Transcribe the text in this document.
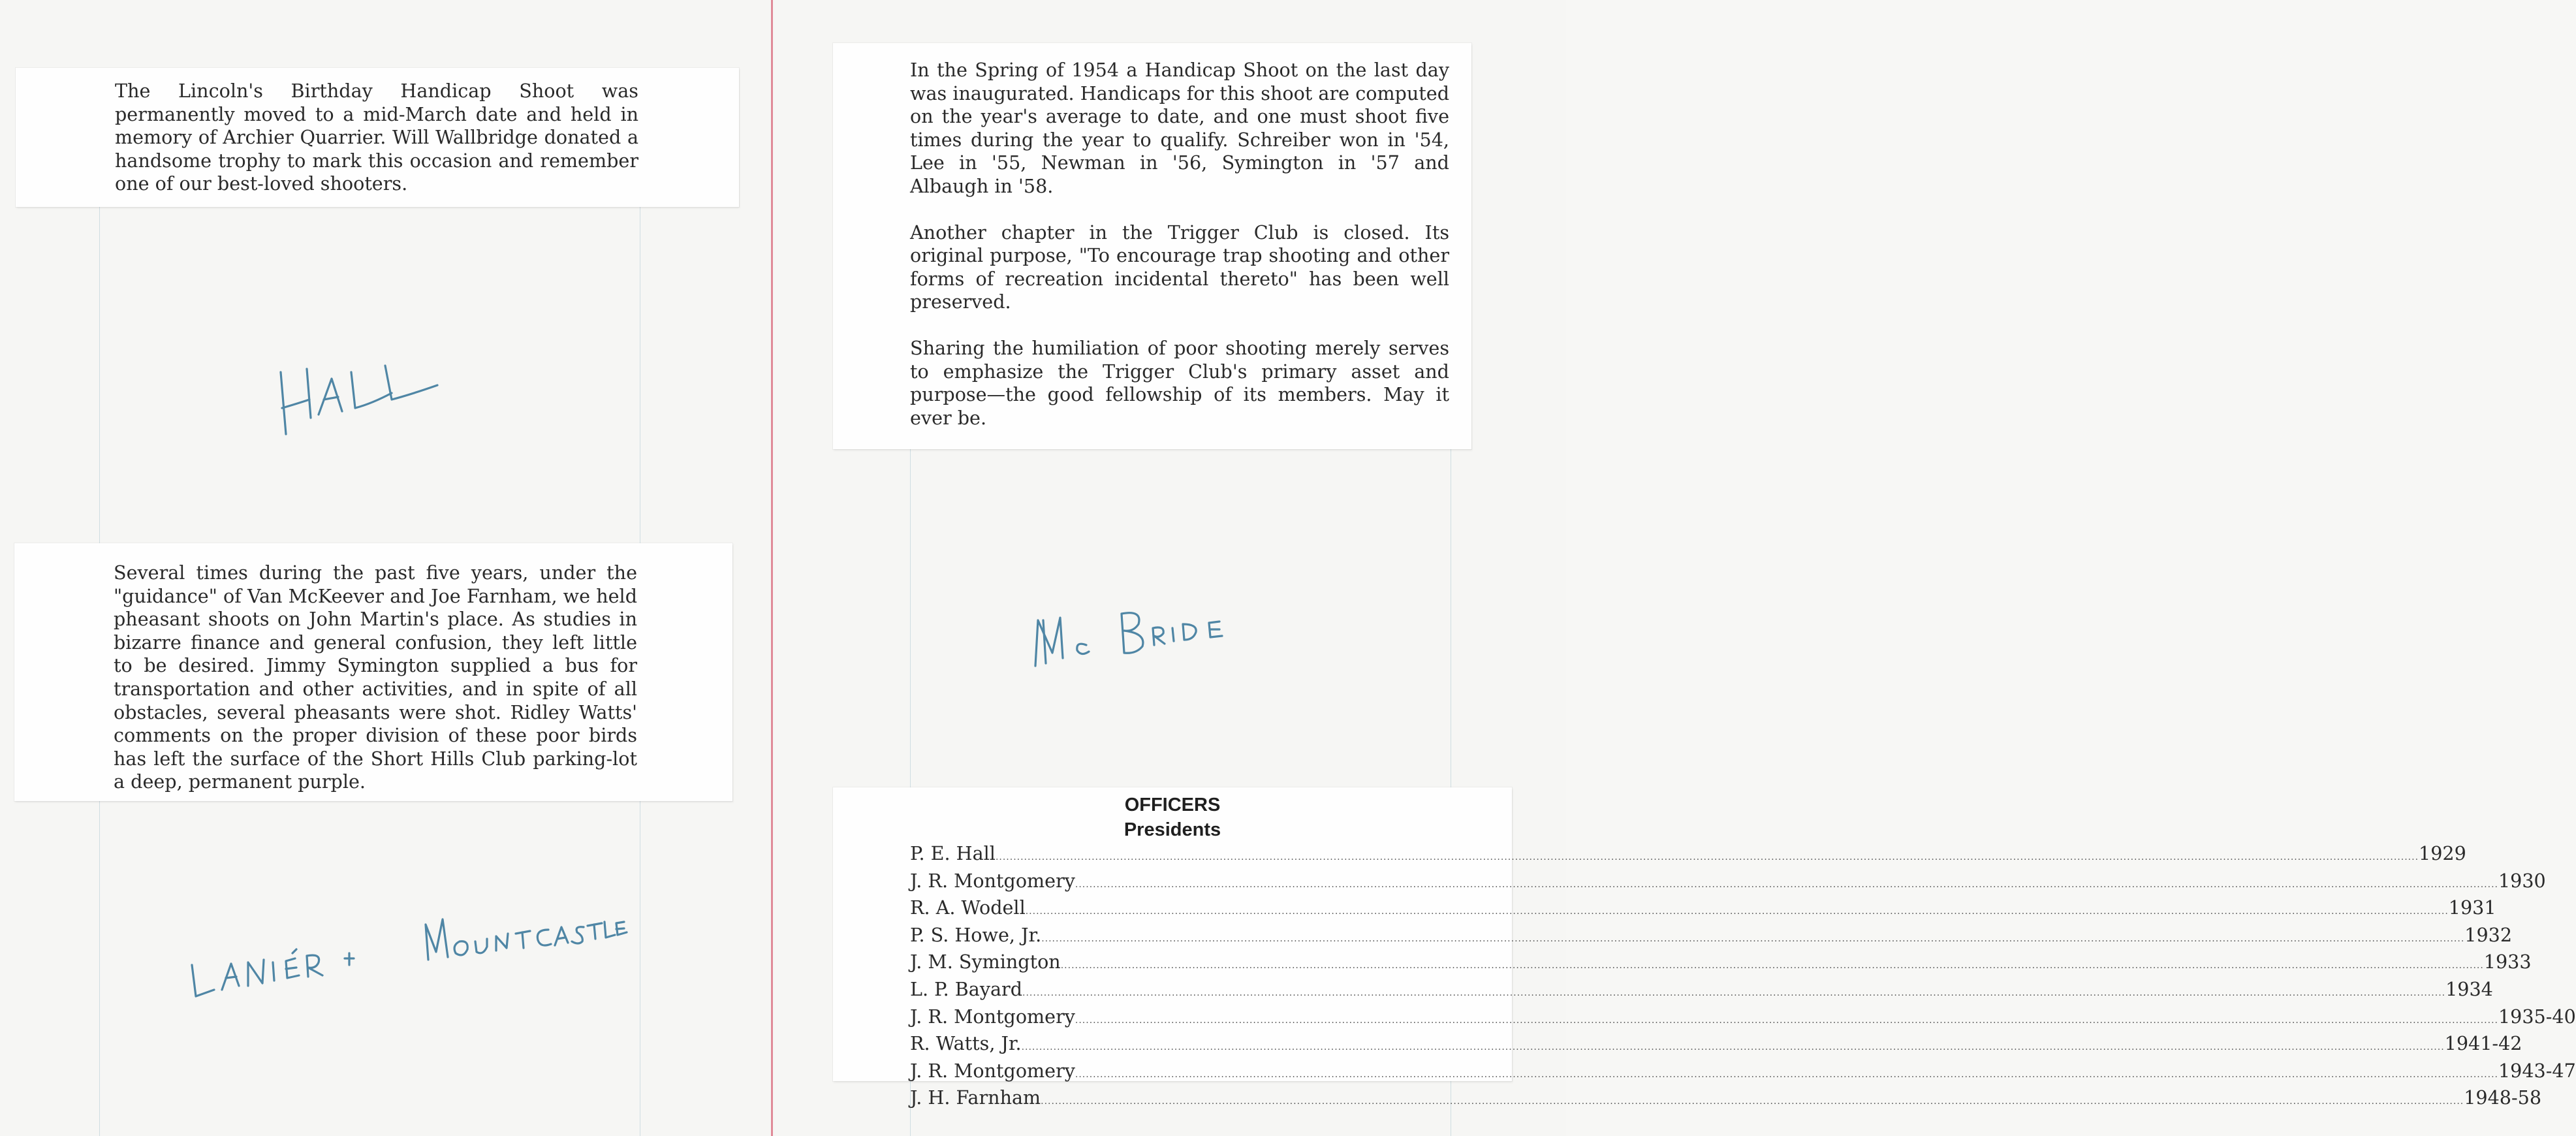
The Lincoln's Birthday Handicap Shoot was permanently moved to a mid-March date and held in memory of Archier Quarrier. Will Wallbridge donated a handsome trophy to mark this occasion and remember one of our best-loved shooters.

Several times during the past five years, under the "guidance" of Van McKeever and Joe Farnham, we held pheasant shoots on John Martin's place. As studies in bizarre finance and general confusion, they left little to be desired. Jimmy Symington supplied a bus for transportation and other activities, and in spite of all obstacles, several pheasants were shot. Ridley Watts' comments on the proper division of these poor birds has left the surface of the Short Hills Club parking-lot a deep, permanent purple.

In the Spring of 1954 a Handicap Shoot on the last day was inaugurated. Handicaps for this shoot are computed on the year's average to date, and one must shoot five times during the year to qualify. Schreiber won in '54, Lee in '55, Newman in '56, Symington in '57 and Albaugh in '58.

Another chapter in the Trigger Club is closed. Its original purpose, "To encourage trap shooting and other forms of recreation incidental thereto" has been well preserved.

Sharing the humiliation of poor shooting merely serves to emphasize the Trigger Club's primary asset and purpose—the good fellowship of its members. May it ever be.

OFFICERS
Presidents
P. E. Hall ................................................................................................................................................................................................................................................................................................................................................................................................................ 1929
J. R. Montgomery ................................................................................................................................................................................................................................................................................................................................................................................................................ 1930
R. A. Wodell ................................................................................................................................................................................................................................................................................................................................................................................................................ 1931
P. S. Howe, Jr. ................................................................................................................................................................................................................................................................................................................................................................................................................ 1932
J. M. Symington ................................................................................................................................................................................................................................................................................................................................................................................................................ 1933
L. P. Bayard ................................................................................................................................................................................................................................................................................................................................................................................................................ 1934
J. R. Montgomery ................................................................................................................................................................................................................................................................................................................................................................................................................ 1935-40
R. Watts, Jr. ................................................................................................................................................................................................................................................................................................................................................................................................................ 1941-42
J. R. Montgomery ................................................................................................................................................................................................................................................................................................................................................................................................................ 1943-47
J. H. Farnham ................................................................................................................................................................................................................................................................................................................................................................................................................ 1948-58
